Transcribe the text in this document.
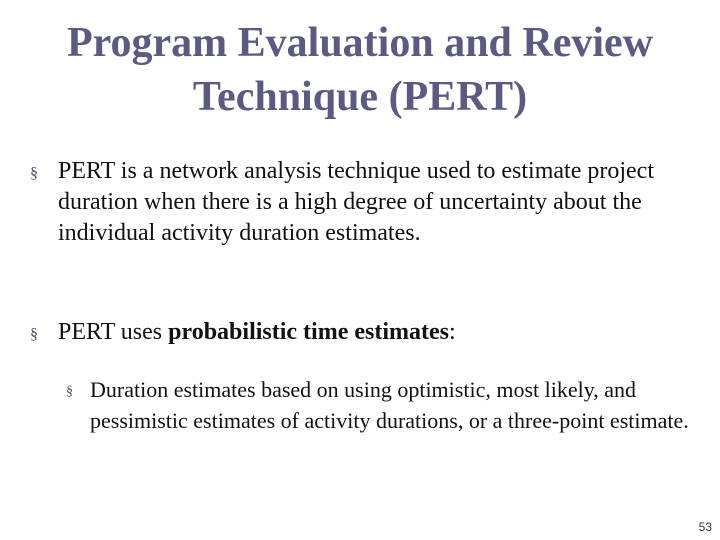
Program Evaluation and Review
Technique (PERT)
§ PERT is a network analysis technique used to estimate project duration when there is a high degree of uncertainty about the individual activity duration estimates.
§ PERT uses probabilistic time estimates:
§ Duration estimates based on using optimistic, most likely, and pessimistic estimates of activity durations, or a three-point estimate.
53
